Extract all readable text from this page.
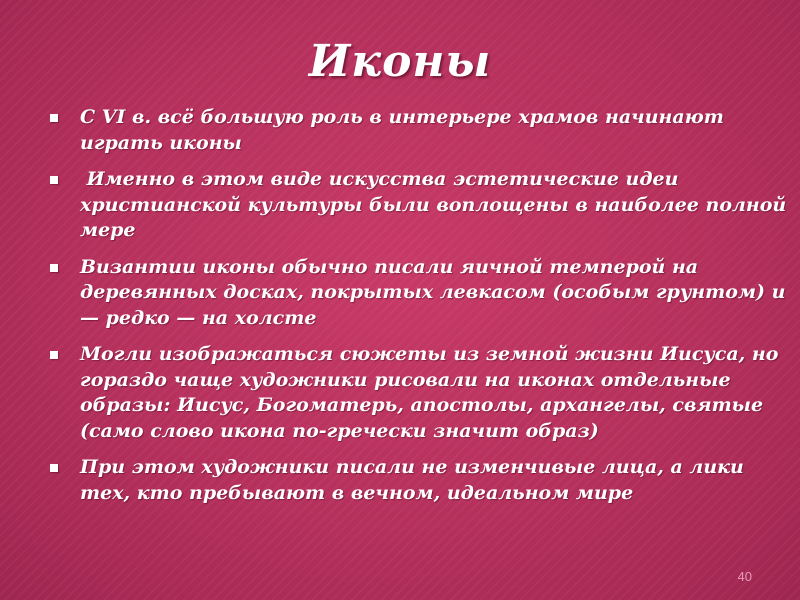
Иконы
С VI в. всё большую роль в интерьере храмов начинают играть иконы
Именно в этом виде искусства эстетические идеи христианской культуры были воплощены в наиболее полной мере
Византии иконы обычно писали яичной темперой на деревянных досках, покрытых левкасом (особым грунтом) и — редко — на холсте
Могли изображаться сюжеты из земной жизни Иисуса, но гораздо чаще художники рисовали на иконах отдельные образы: Иисус, Богоматерь, апостолы, архангелы, святые (само слово икона по-гречески значит образ)
При этом художники писали не изменчивые лица, а лики тех, кто пребывают в вечном, идеальном мире
40
